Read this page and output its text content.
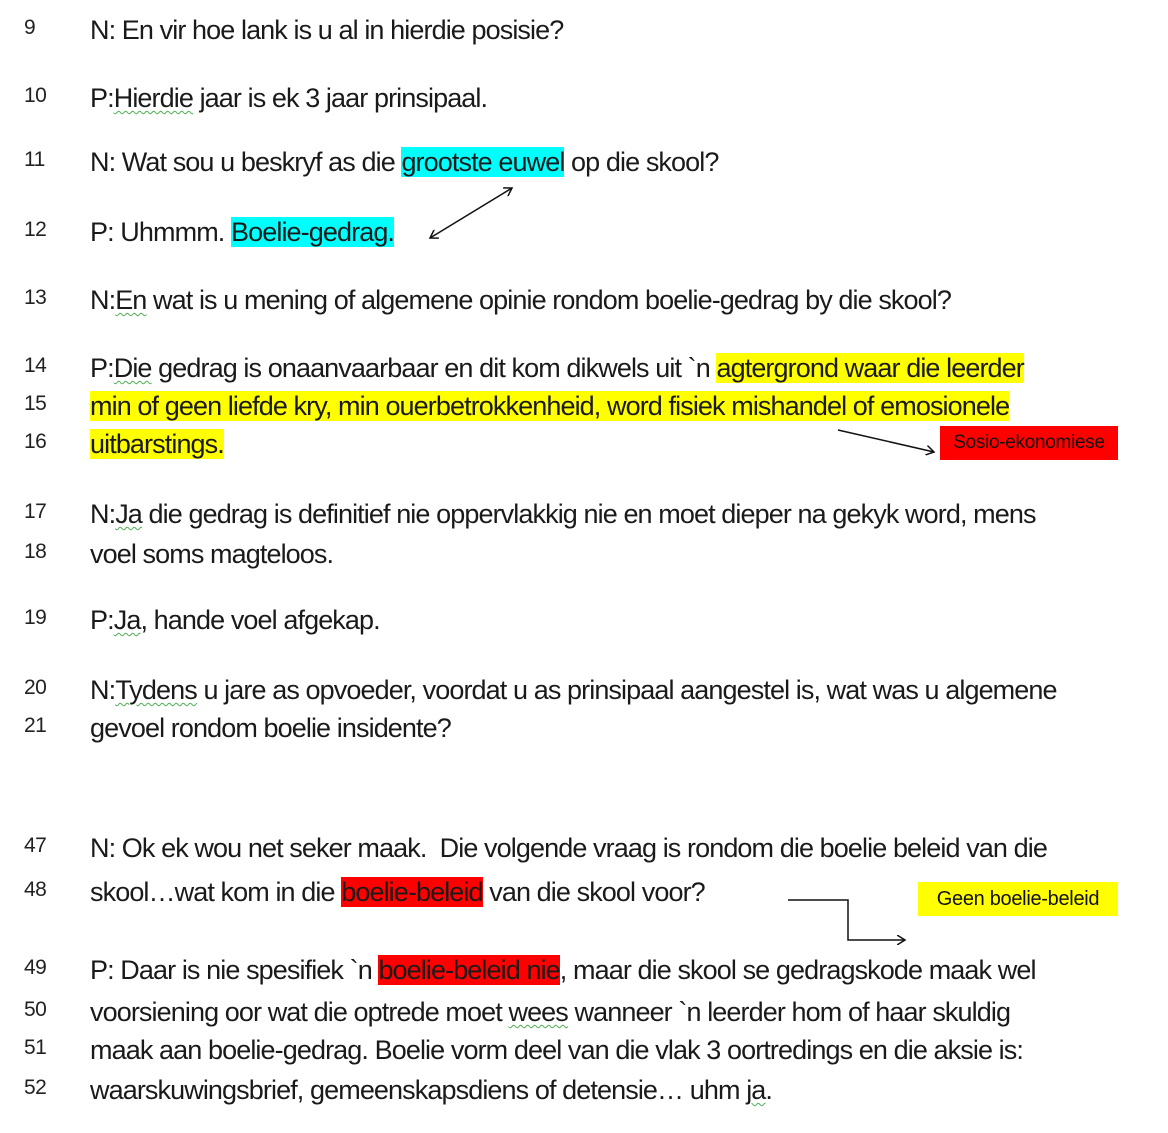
9	N: En vir hoe lank is u al in hierdie posisie?
10	P:Hierdie jaar is ek 3 jaar prinsipaal.
11	N: Wat sou u beskryf as die grootste euwel op die skool?
12	P: Uhmmm. Boelie-gedrag.
13	N:En wat is u mening of algemene opinie rondom boelie-gedrag by die skool?
14	P:Die gedrag is onaanvaarbaar en dit kom dikwels uit `n agtergrond waar die leerder
15	min of geen liefde kry, min ouerbetrokkenheid, word fisiek mishandel of emosionele
16	uitbarstings.
17	N:Ja die gedrag is definitief nie oppervlakkig nie en moet dieper na gekyk word, mens
18	voel soms magteloos.
19	P:Ja, hande voel afgekap.
20	N:Tydens u jare as opvoeder, voordat u as prinsipaal aangestel is, wat was u algemene
21	gevoel rondom boelie insidente?
47	N: Ok ek wou net seker maak.  Die volgende vraag is rondom die boelie beleid van die
48	skool…wat kom in die boelie-beleid van die skool voor?
49	P: Daar is nie spesifiek `n boelie-beleid nie, maar die skool se gedragskode maak wel
50	voorsiening oor wat die optrede moet wees wanneer `n leerder hom of haar skuldig
51	maak aan boelie-gedrag. Boelie vorm deel van die vlak 3 oortredings en die aksie is:
52	waarskuwingsbrief, gemeenskapsdiens of detensie… uhm ja.
Sosio-ekonomiese
Geen boelie-beleid
